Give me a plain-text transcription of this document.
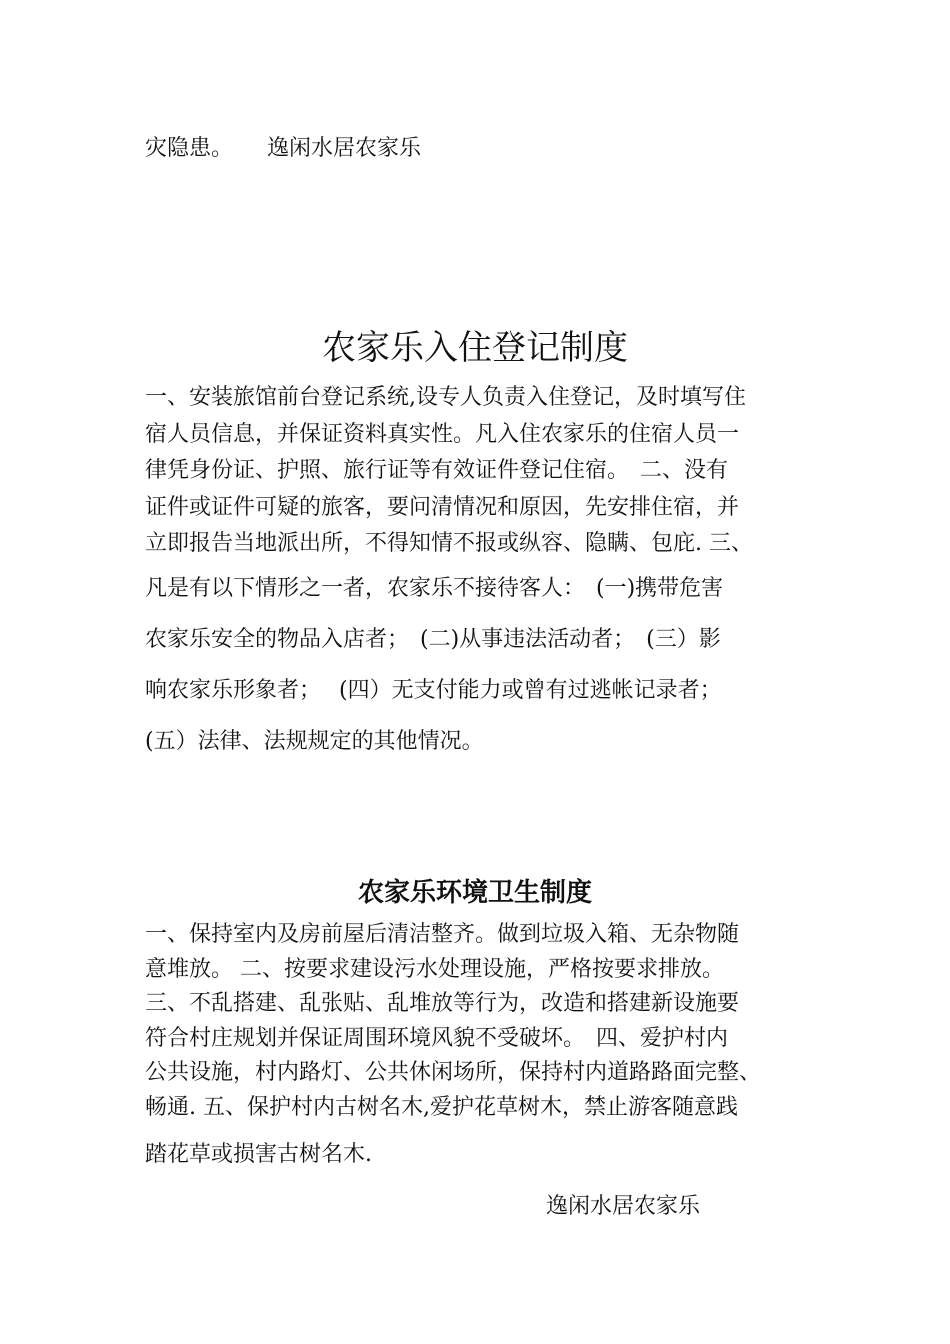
灾隐患。 逸闲水居农家乐
农家乐入住登记制度
一、安装旅馆前台登记系统,设专人负责入住登记，及时填写住
宿人员信息，并保证资料真实性。凡入住农家乐的住宿人员一
律凭身份证、护照、旅行证等有效证件登记住宿。　二、没有
证件或证件可疑的旅客，要问清情况和原因，先安排住宿，并
立即报告当地派出所，不得知情不报或纵容、隐瞒、包庇. 三、
凡是有以下情形之一者，农家乐不接待客人：　(一)携带危害
农家乐安全的物品入店者；　(二)从事违法活动者；　(三）影
响农家乐形象者；　 (四）无支付能力或曾有过逃帐记录者；
(五）法律、法规规定的其他情况。
农家乐环境卫生制度
一、保持室内及房前屋后清洁整齐。做到垃圾入箱、无杂物随
意堆放。 二、按要求建设污水处理设施，严格按要求排放。
三、不乱搭建、乱张贴、乱堆放等行为，改造和搭建新设施要
符合村庄规划并保证周围环境风貌不受破坏。　四、爱护村内
公共设施，村内路灯、公共休闲场所，保持村内道路路面完整、
畅通. 五、保护村内古树名木,爱护花草树木，禁止游客随意践
踏花草或损害古树名木.
逸闲水居农家乐
